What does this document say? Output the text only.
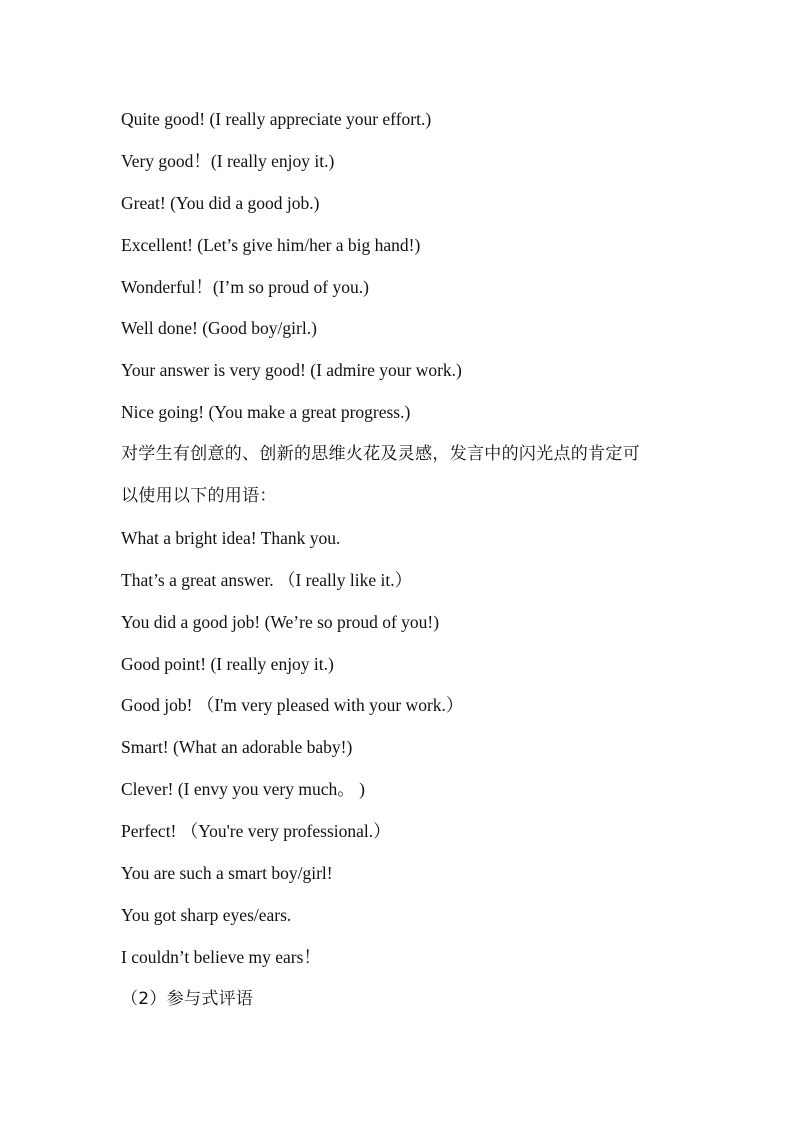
Quite good! (I really appreciate your effort.)
Very good！(I really enjoy it.)
Great! (You did a good job.)
Excellent! (Let’s give him/her a big hand!)
Wonderful！(I’m so proud of you.)
Well done! (Good boy/girl.)
Your answer is very good! (I admire your work.)
Nice going! (You make a great progress.)
对学生有创意的、创新的思维火花及灵感，发言中的闪光点的肯定可
以使用以下的用语：
What a bright idea! Thank you.
That’s a great answer. （I really like it.）
You did a good job! (We’re so proud of you!)
Good point! (I really enjoy it.)
Good job! （I'm very pleased with your work.）
Smart! (What an adorable baby!)
Clever! (I envy you very much。 )
Perfect! （You're very professional.）
You are such a smart boy/girl!
You got sharp eyes/ears.
I couldn’t believe my ears！
（2）参与式评语
